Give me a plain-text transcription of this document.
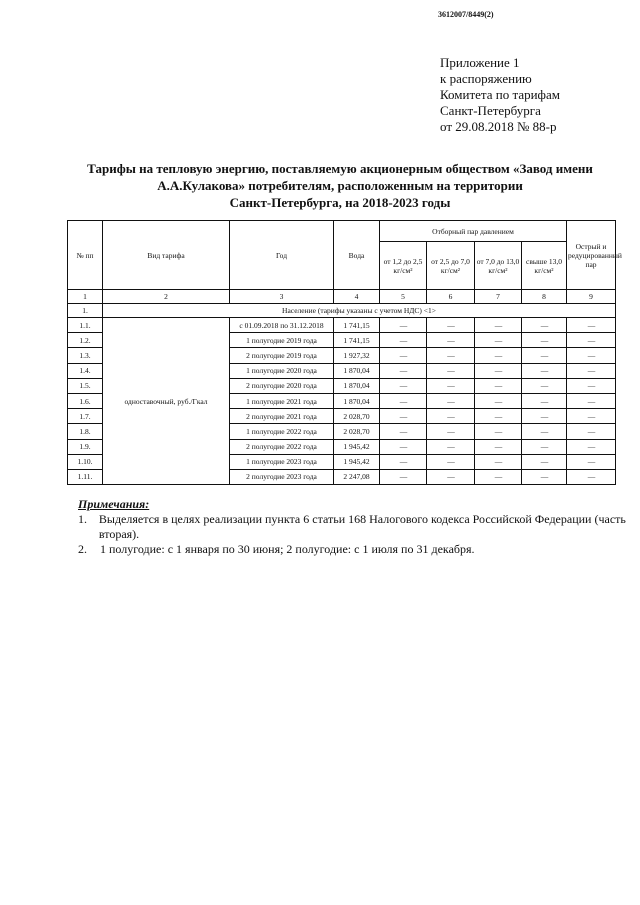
3612007/8449(2)
Приложение 1
к распоряжению
Комитета по тарифам
Санкт-Петербурга
от 29.08.2018 № 88-р
Тарифы на тепловую энергию, поставляемую акционерным обществом «Завод имени
А.А.Кулакова» потребителям, расположенным на территории
Санкт-Петербурга, на 2018-2023 годы
№ пп	Вид тарифа	Год	Вода	Отборный пар давлением				Острый и редуцированный пар
				от 1,2 до 2,5 кг/см²	от 2,5 до 7,0 кг/см²	от 7,0 до 13,0 кг/см²	свыше 13,0 кг/см²	
1	2	3	4	5	6	7	8	9
1.	Население (тарифы указаны с учетом НДС) <1>							
1.1.	одноставочный, руб./Гкал	с 01.09.2018 по 31.12.2018	1 741,15	—	—	—	—	—
1.2.		1 полугодие 2019 года	1 741,15	—	—	—	—	—
1.3.		2 полугодие 2019 года	1 927,32	—	—	—	—	—
1.4.		1 полугодие 2020 года	1 870,04	—	—	—	—	—
1.5.		2 полугодие 2020 года	1 870,04	—	—	—	—	—
1.6.		1 полугодие 2021 года	1 870,04	—	—	—	—	—
1.7.		2 полугодие 2021 года	2 028,70	—	—	—	—	—
1.8.		1 полугодие 2022 года	2 028,70	—	—	—	—	—
1.9.		2 полугодие 2022 года	1 945,42	—	—	—	—	—
1.10.		1 полугодие 2023 года	1 945,42	—	—	—	—	—
1.11.		2 полугодие 2023 года	2 247,08	—	—	—	—	—
Примечания:
1. Выделяется в целях реализации пункта 6 статьи 168 Налогового кодекса Российской Федерации (часть вторая).
2.	1 полугодие: с 1 января по 30 июня; 2 полугодие: с 1 июля по 31 декабря.
